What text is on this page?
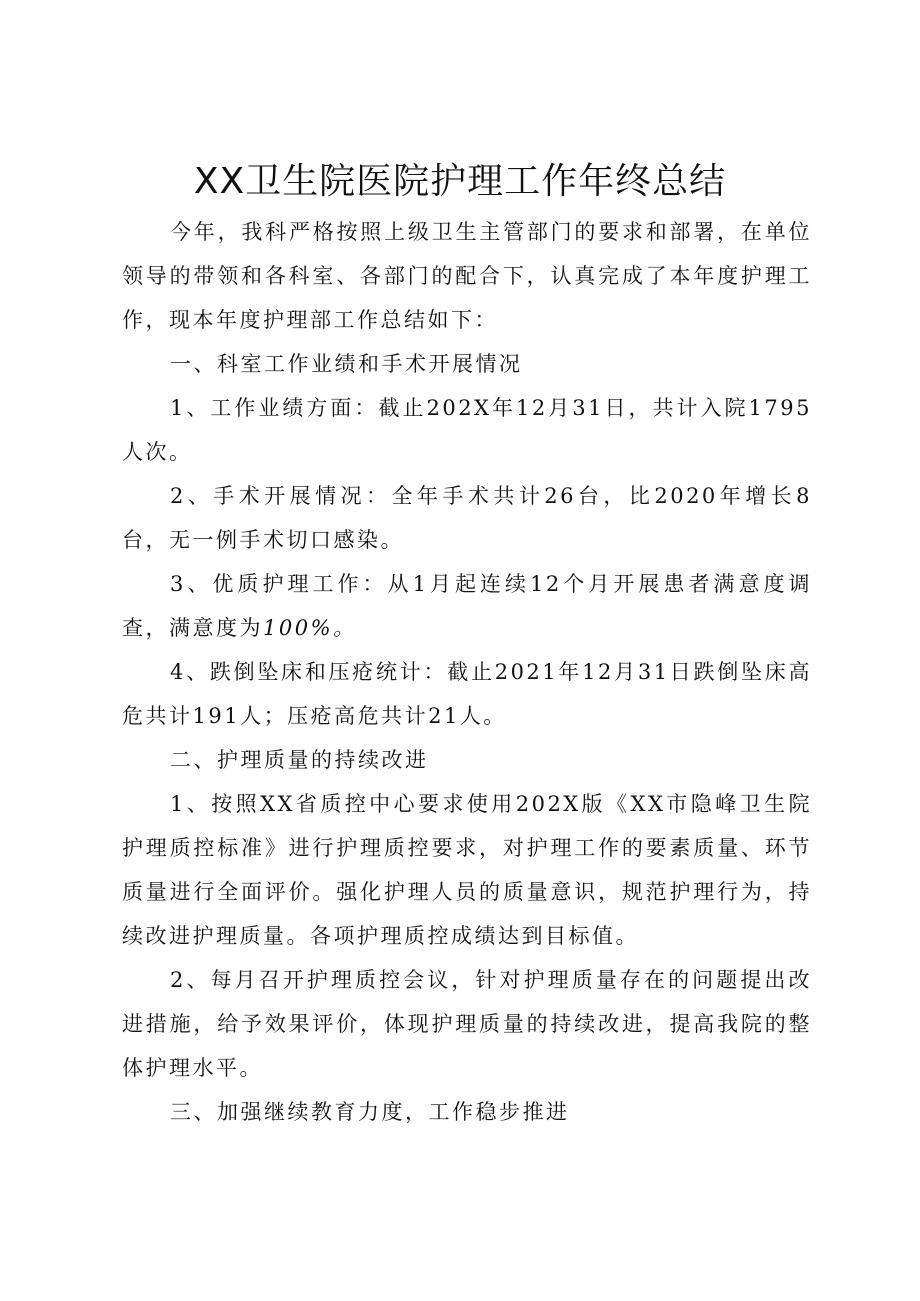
XX卫生院医院护理工作年终总结

今年，我科严格按照上级卫生主管部门的要求和部署，在单位领导的带领和各科室、各部门的配合下，认真完成了本年度护理工作，现本年度护理部工作总结如下：

一、科室工作业绩和手术开展情况

1、工作业绩方面：截止202X年12月31日，共计入院1795人次。

2、手术开展情况：全年手术共计26台，比2020年增长8台，无一例手术切口感染。

3、优质护理工作：从1月起连续12个月开展患者满意度调查，满意度为100%。

4、跌倒坠床和压疮统计：截止2021年12月31日跌倒坠床高危共计191人；压疮高危共计21人。

二、护理质量的持续改进

1、按照XX省质控中心要求使用202X版《XX市隐峰卫生院护理质控标准》进行护理质控要求，对护理工作的要素质量、环节质量进行全面评价。强化护理人员的质量意识，规范护理行为，持续改进护理质量。各项护理质控成绩达到目标值。

2、每月召开护理质控会议，针对护理质量存在的问题提出改进措施，给予效果评价，体现护理质量的持续改进，提高我院的整体护理水平。

三、加强继续教育力度，工作稳步推进
